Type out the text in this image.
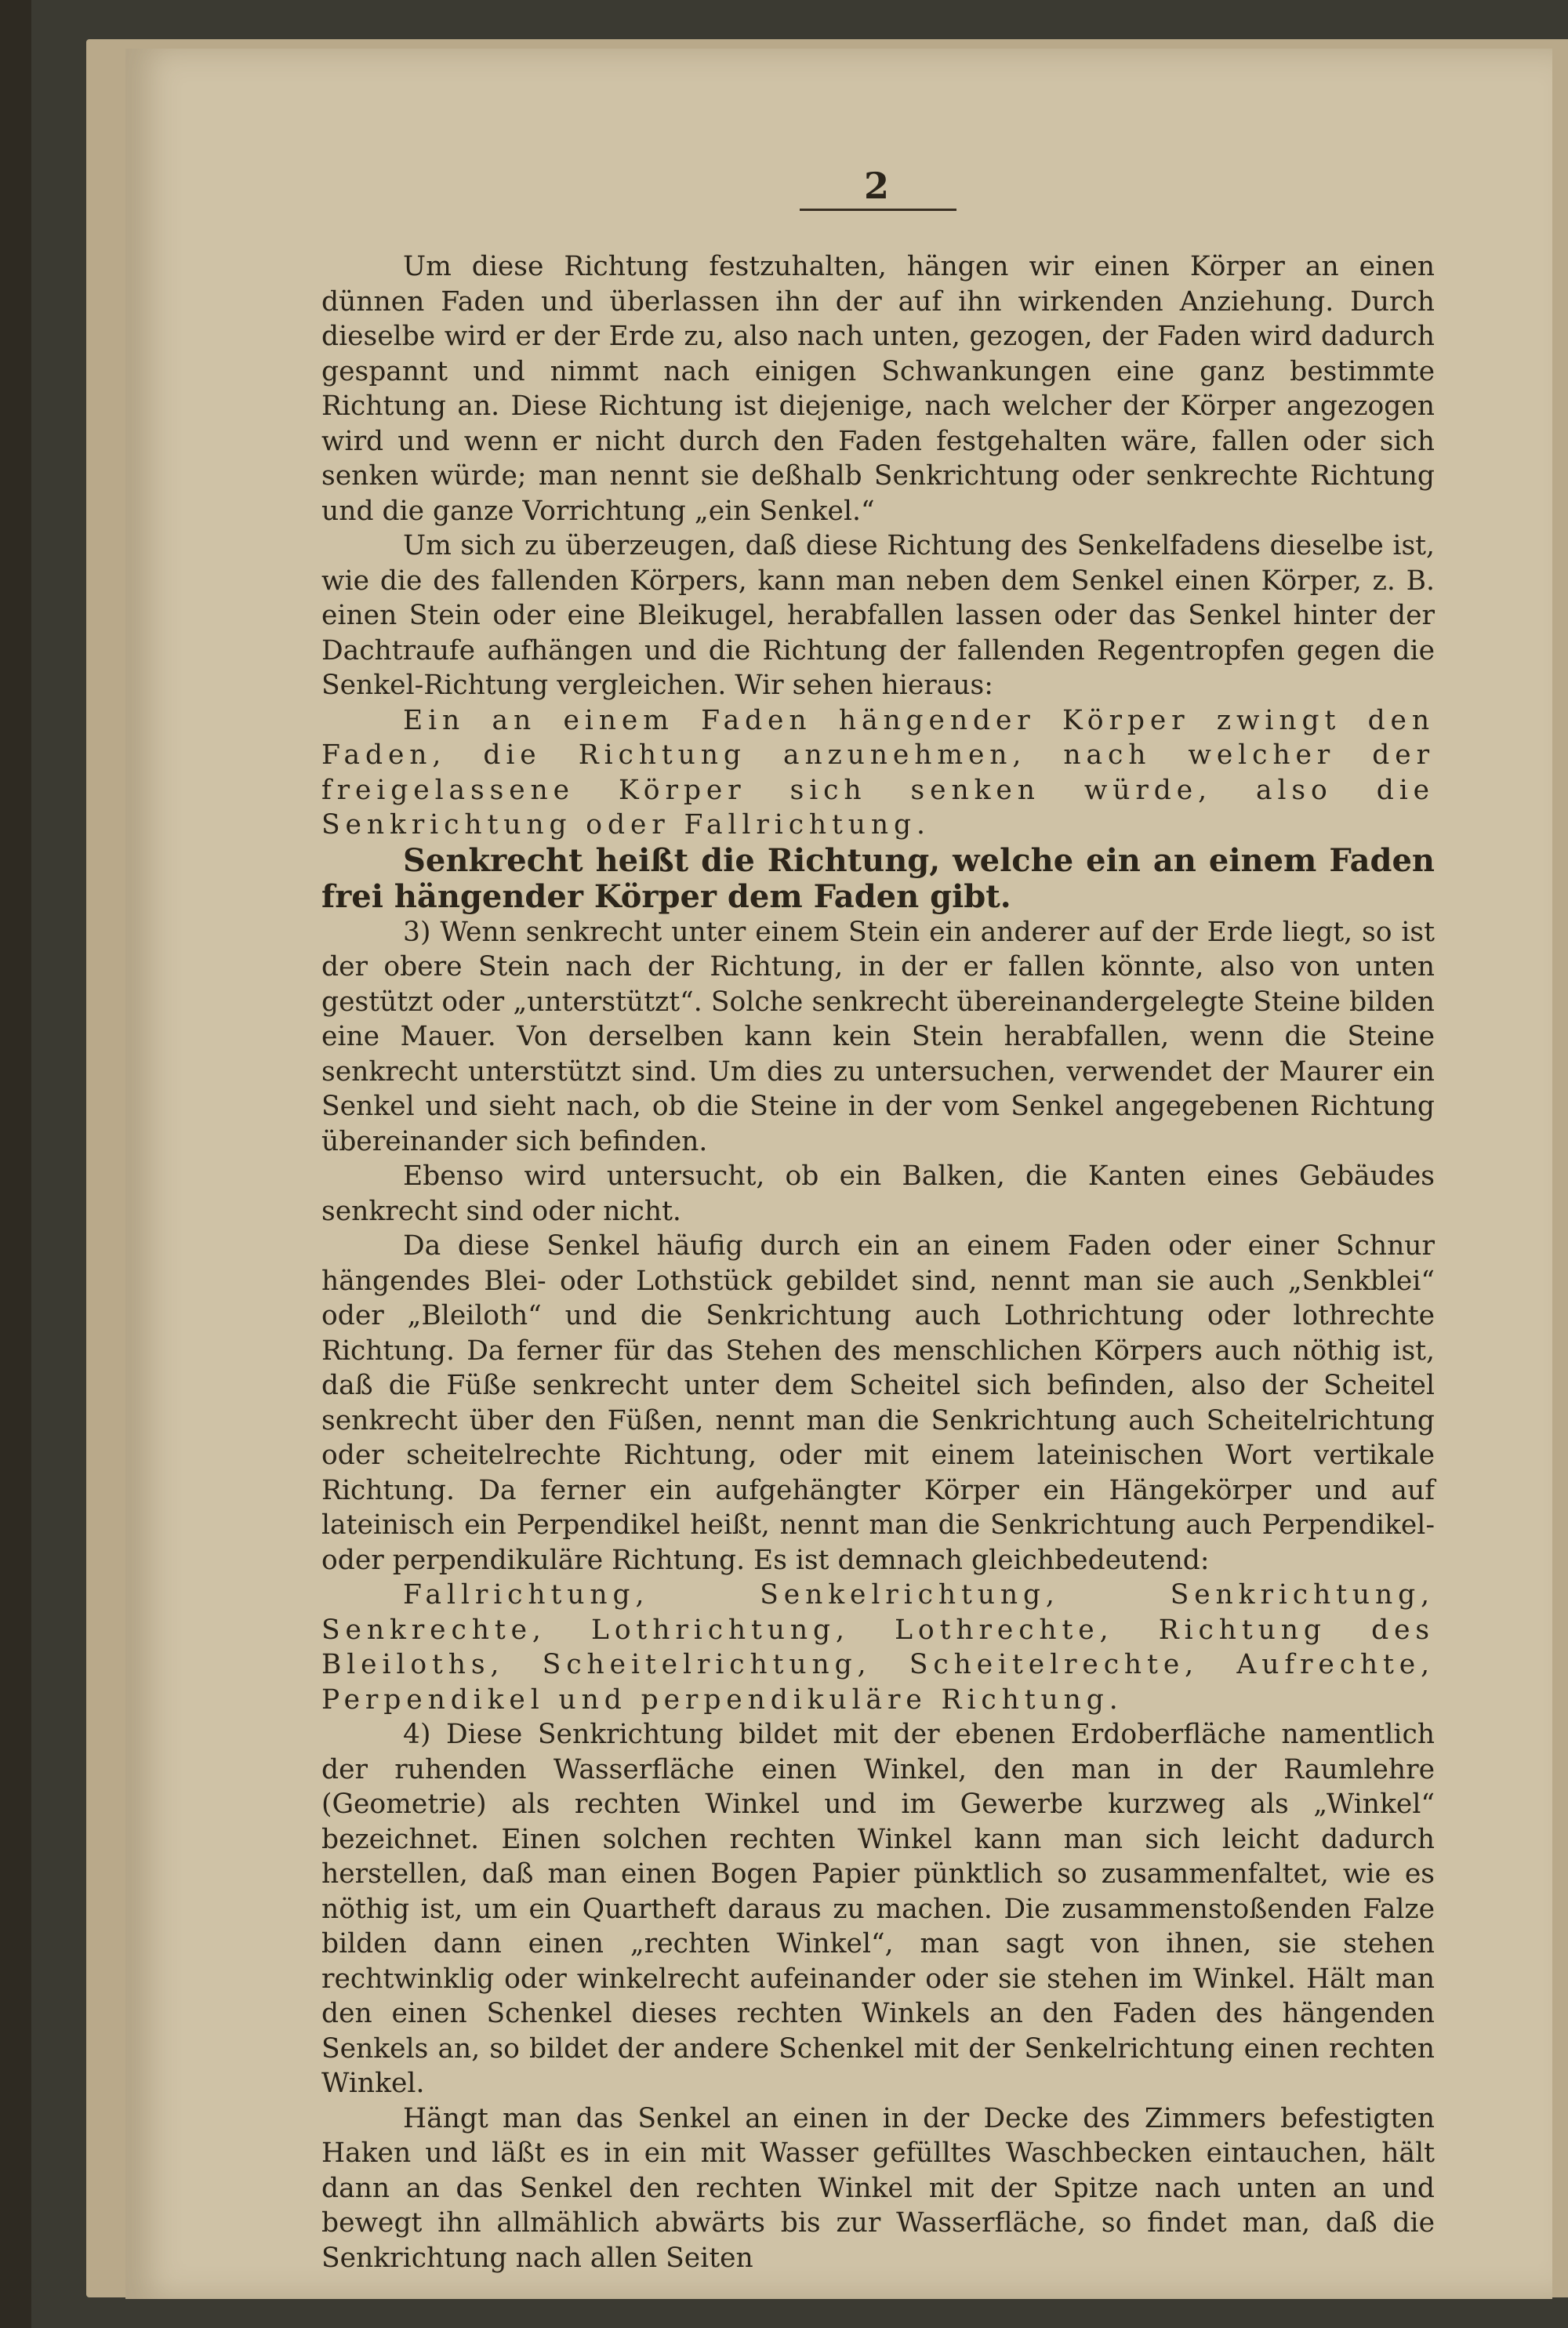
2

Um diese Richtung festzuhalten, hängen wir einen Körper an einen dünnen Faden und überlassen ihn der auf ihn wirkenden Anziehung. Durch dieselbe wird er der Erde zu, also nach unten, gezogen, der Faden wird dadurch gespannt und nimmt nach einigen Schwankungen eine ganz bestimmte Richtung an. Diese Richtung ist diejenige, nach welcher der Körper angezogen wird und wenn er nicht durch den Faden festgehalten wäre, fallen oder sich senken würde; man nennt sie deßhalb Senkrichtung oder senkrechte Richtung und die ganze Vorrichtung „ein Senkel.“

Um sich zu überzeugen, daß diese Richtung des Senkelfadens dieselbe ist, wie die des fallenden Körpers, kann man neben dem Senkel einen Körper, z. B. einen Stein oder eine Bleikugel, herabfallen lassen oder das Senkel hinter der Dachtraufe aufhängen und die Richtung der fallenden Regentropfen gegen die Senkel-Richtung vergleichen. Wir sehen hieraus:

Ein an einem Faden hängender Körper zwingt den Faden, die Richtung anzunehmen, nach welcher der freigelassene Körper sich senken würde, also die Senkrichtung oder Fallrichtung.

Senkrecht heißt die Richtung, welche ein an einem Faden frei hängender Körper dem Faden gibt.

3) Wenn senkrecht unter einem Stein ein anderer auf der Erde liegt, so ist der obere Stein nach der Richtung, in der er fallen könnte, also von unten gestützt oder „unterstützt“. Solche senkrecht übereinandergelegte Steine bilden eine Mauer. Von derselben kann kein Stein herabfallen, wenn die Steine senkrecht unterstützt sind. Um dies zu untersuchen, verwendet der Maurer ein Senkel und sieht nach, ob die Steine in der vom Senkel angegebenen Richtung übereinander sich befinden.

Ebenso wird untersucht, ob ein Balken, die Kanten eines Gebäudes senkrecht sind oder nicht.

Da diese Senkel häufig durch ein an einem Faden oder einer Schnur hängendes Blei- oder Lothstück gebildet sind, nennt man sie auch „Senkblei“ oder „Bleiloth“ und die Senkrichtung auch Lothrichtung oder lothrechte Richtung. Da ferner für das Stehen des menschlichen Körpers auch nöthig ist, daß die Füße senkrecht unter dem Scheitel sich befinden, also der Scheitel senkrecht über den Füßen, nennt man die Senkrichtung auch Scheitelrichtung oder scheitelrechte Richtung, oder mit einem lateinischen Wort vertikale Richtung. Da ferner ein aufgehängter Körper ein Hängekörper und auf lateinisch ein Perpendikel heißt, nennt man die Senkrichtung auch Perpendikel- oder perpendikuläre Richtung. Es ist demnach gleichbedeutend:

Fallrichtung, Senkelrichtung, Senkrichtung, Senkrechte, Lothrichtung, Lothrechte, Richtung des Bleiloths, Scheitelrichtung, Scheitelrechte, Aufrechte, Perpendikel und perpendikuläre Richtung.

4) Diese Senkrichtung bildet mit der ebenen Erdoberfläche namentlich der ruhenden Wasserfläche einen Winkel, den man in der Raumlehre (Geometrie) als rechten Winkel und im Gewerbe kurzweg als „Winkel“ bezeichnet. Einen solchen rechten Winkel kann man sich leicht dadurch herstellen, daß man einen Bogen Papier pünktlich so zusammenfaltet, wie es nöthig ist, um ein Quartheft daraus zu machen. Die zusammenstoßenden Falze bilden dann einen „rechten Winkel“, man sagt von ihnen, sie stehen rechtwinklig oder winkelrecht aufeinander oder sie stehen im Winkel. Hält man den einen Schenkel dieses rechten Winkels an den Faden des hängenden Senkels an, so bildet der andere Schenkel mit der Senkelrichtung einen rechten Winkel.

Hängt man das Senkel an einen in der Decke des Zimmers befestigten Haken und läßt es in ein mit Wasser gefülltes Waschbecken eintauchen, hält dann an das Senkel den rechten Winkel mit der Spitze nach unten an und bewegt ihn allmählich abwärts bis zur Wasserfläche, so findet man, daß die Senkrichtung nach allen Seiten
